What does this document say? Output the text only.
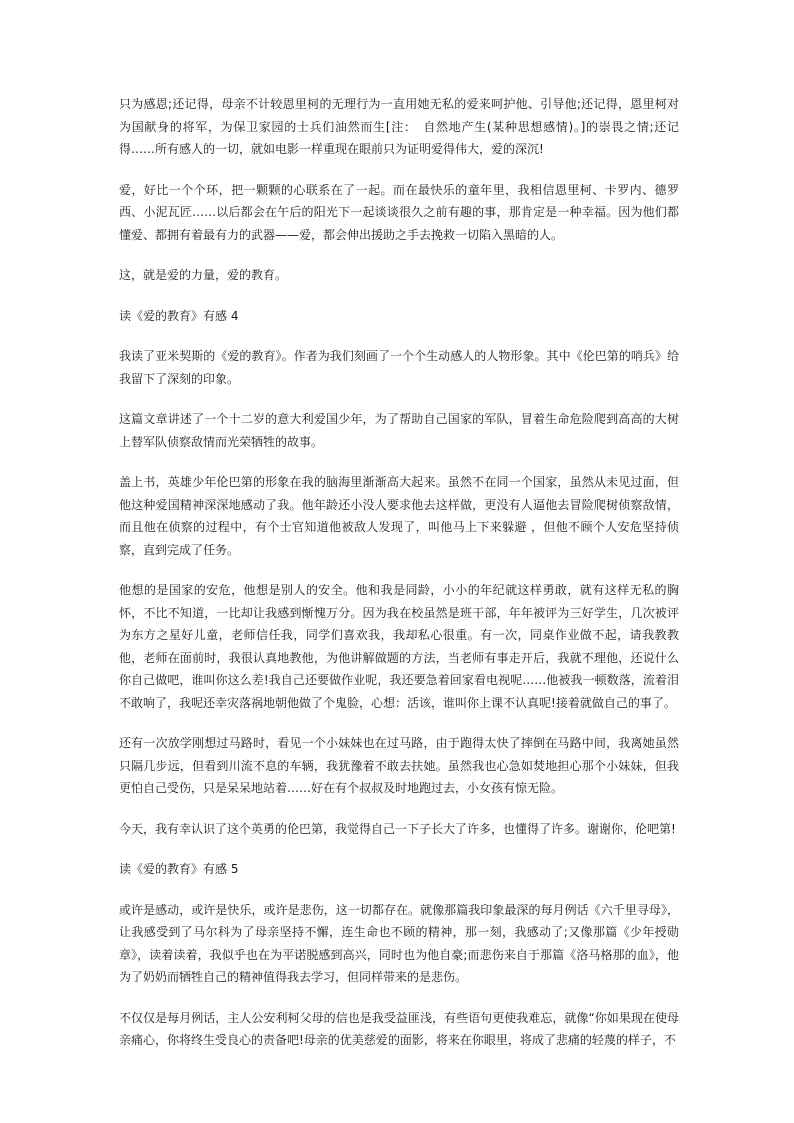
只为感恩;还记得，母亲不计较恩里柯的无理行为一直用她无私的爱来呵护他、引导他;还记得，恩里柯对为国献身的将军，为保卫家园的士兵们油然而生[注：　自然地产生(某种思想感情)。]的崇畏之情;还记得……所有感人的一切，就如电影一样重现在眼前只为证明爱得伟大，爱的深沉!

爱，好比一个个环，把一颗颗的心联系在了一起。而在最快乐的童年里，我相信恩里柯、卡罗内、德罗西、小泥瓦匠……以后都会在午后的阳光下一起谈谈很久之前有趣的事，那肯定是一种幸福。因为他们都懂爱、都拥有着最有力的武器——爱，都会伸出援助之手去挽救一切陷入黑暗的人。

这，就是爱的力量，爱的教育。

读《爱的教育》有感 4

我读了亚米契斯的《爱的教育》。作者为我们刻画了一个个生动感人的人物形象。其中《伦巴第的哨兵》给我留下了深刻的印象。

这篇文章讲述了一个十二岁的意大利爱国少年，为了帮助自己国家的军队，冒着生命危险爬到高高的大树上替军队侦察敌情而光荣牺牲的故事。

盖上书，英雄少年伦巴第的形象在我的脑海里渐渐高大起来。虽然不在同一个国家，虽然从未见过面，但他这种爱国精神深深地感动了我。他年龄还小没人要求他去这样做，更没有人逼他去冒险爬树侦察敌情，而且他在侦察的过程中，有个士官知道他被敌人发现了，叫他马上下来躲避 ，但他不顾个人安危坚持侦察，直到完成了任务。

他想的是国家的安危，他想是别人的安全。他和我是同龄，小小的年纪就这样勇敢，就有这样无私的胸怀，不比不知道，一比却让我感到惭愧万分。因为我在校虽然是班干部，年年被评为三好学生，几次被评为东方之星好儿童，老师信任我，同学们喜欢我，我却私心很重。有一次，同桌作业做不起，请我教教他，老师在面前时，我很认真地教他，为他讲解做题的方法，当老师有事走开后，我就不理他，还说什么你自己做吧，谁叫你这么差!我自己还要做作业呢，我还要急着回家看电视呢……他被我一顿数落，流着泪不敢响了，我呢还幸灾落祸地朝他做了个鬼脸，心想：活该，谁叫你上课不认真呢!接着就做自己的事了。

还有一次放学刚想过马路时，看见一个小妹妹也在过马路，由于跑得太快了摔倒在马路中间，我离她虽然只隔几步远，但看到川流不息的车辆，我犹豫着不敢去扶她。虽然我也心急如焚地担心那个小妹妹，但我更怕自己受伤，只是呆呆地站着……好在有个叔叔及时地跑过去，小女孩有惊无险。

今天，我有幸认识了这个英勇的伦巴第，我觉得自己一下子长大了许多，也懂得了许多。谢谢你，伦吧第!

读《爱的教育》有感 5

或许是感动，或许是快乐，或许是悲伤，这一切都存在。就像那篇我印象最深的每月例话《六千里寻母》，让我感受到了马尔科为了母亲坚持不懈，连生命也不顾的精神，那一刻，我感动了;又像那篇《少年授勋章》，读着读着，我似乎也在为平诺脱感到高兴，同时也为他自豪;而悲伤来自于那篇《洛马格那的血》，他为了奶奶而牺牲自己的精神值得我去学习，但同样带来的是悲伤。

不仅仅是每月例话，主人公安利柯父母的信也是我受益匪浅，有些语句更使我难忘，就像“你如果现在使母亲痛心，你将终生受良心的责备吧!母亲的优美慈爱的面影，将来在你眼里，将成了悲痛的轻蔑的样子，不
